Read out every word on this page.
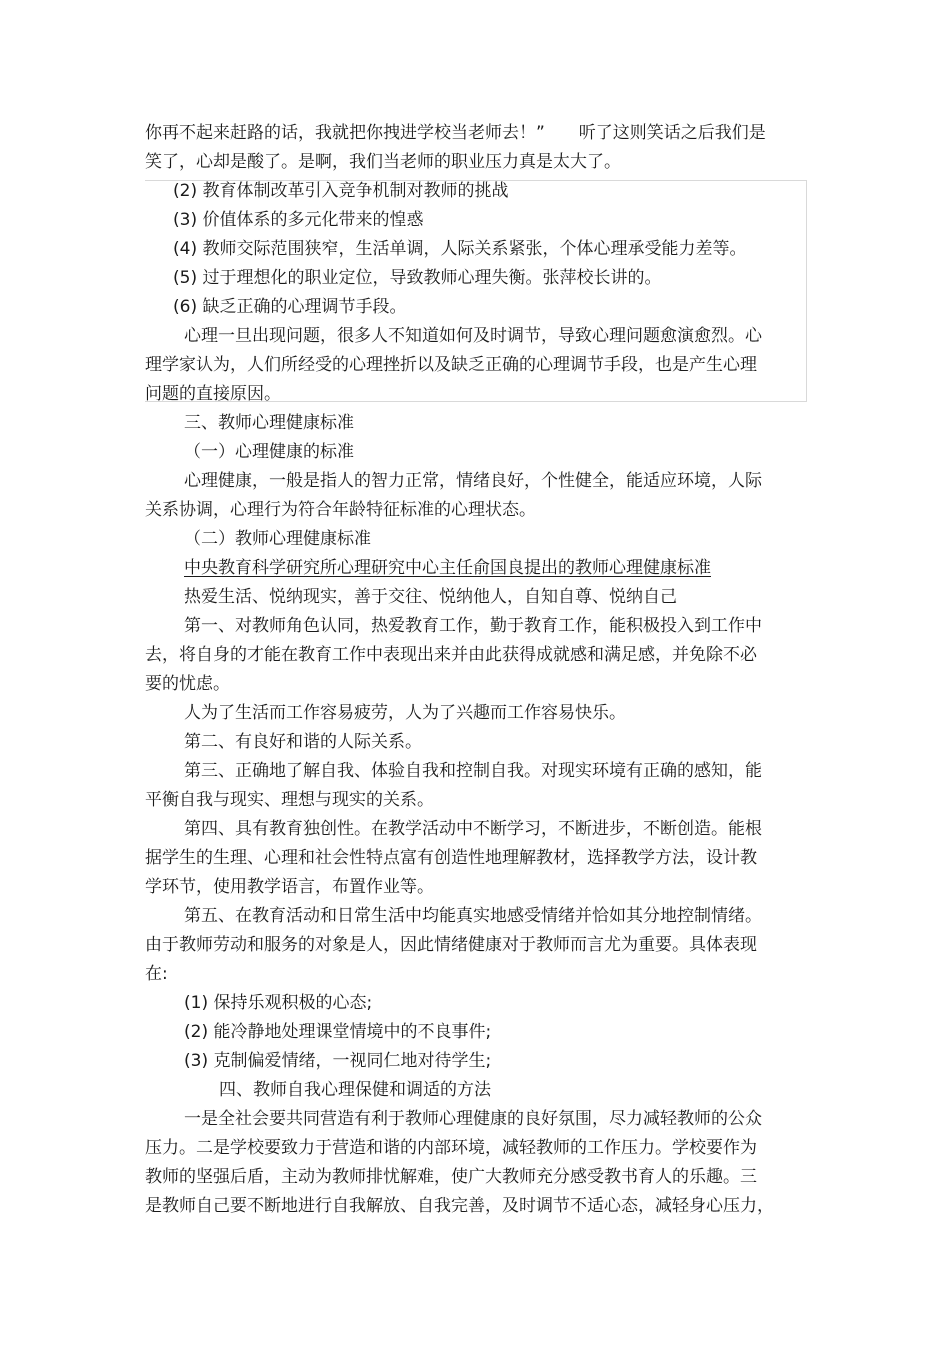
你再不起来赶路的话，我就把你拽进学校当老师去！”　　听了这则笑话之后我们是
笑了，心却是酸了。是啊，我们当老师的职业压力真是太大了。
(2) 教育体制改革引入竞争机制对教师的挑战
(3) 价值体系的多元化带来的惶惑
(4) 教师交际范围狭窄，生活单调，人际关系紧张，个体心理承受能力差等。
(5) 过于理想化的职业定位，导致教师心理失衡。张萍校长讲的。
(6) 缺乏正确的心理调节手段。
心理一旦出现问题，很多人不知道如何及时调节，导致心理问题愈演愈烈。心
理学家认为，人们所经受的心理挫折以及缺乏正确的心理调节手段，也是产生心理
问题的直接原因。
三、教师心理健康标准
（一）心理健康的标准
心理健康，一般是指人的智力正常，情绪良好，个性健全，能适应环境，人际
关系协调，心理行为符合年龄特征标准的心理状态。
（二）教师心理健康标准
中央教育科学研究所心理研究中心主任俞国良提出的教师心理健康标准
热爱生活、悦纳现实，善于交往、悦纳他人，自知自尊、悦纳自己
第一、对教师角色认同，热爱教育工作，勤于教育工作，能积极投入到工作中
去，将自身的才能在教育工作中表现出来并由此获得成就感和满足感，并免除不必
要的忧虑。
人为了生活而工作容易疲劳，人为了兴趣而工作容易快乐。
第二、有良好和谐的人际关系。
第三、正确地了解自我、体验自我和控制自我。对现实环境有正确的感知，能
平衡自我与现实、理想与现实的关系。
第四、具有教育独创性。在教学活动中不断学习，不断进步，不断创造。能根
据学生的生理、心理和社会性特点富有创造性地理解教材，选择教学方法，设计教
学环节，使用教学语言，布置作业等。
第五、在教育活动和日常生活中均能真实地感受情绪并恰如其分地控制情绪。
由于教师劳动和服务的对象是人，因此情绪健康对于教师而言尤为重要。具体表现
在:
(1) 保持乐观积极的心态;
(2) 能冷静地处理课堂情境中的不良事件;
(3) 克制偏爱情绪，一视同仁地对待学生;
四、教师自我心理保健和调适的方法
一是全社会要共同营造有利于教师心理健康的良好氛围，尽力减轻教师的公众
压力。二是学校要致力于营造和谐的内部环境，减轻教师的工作压力。学校要作为
教师的坚强后盾，主动为教师排忧解难，使广大教师充分感受教书育人的乐趣。三
是教师自己要不断地进行自我解放、自我完善，及时调节不适心态，减轻身心压力，
